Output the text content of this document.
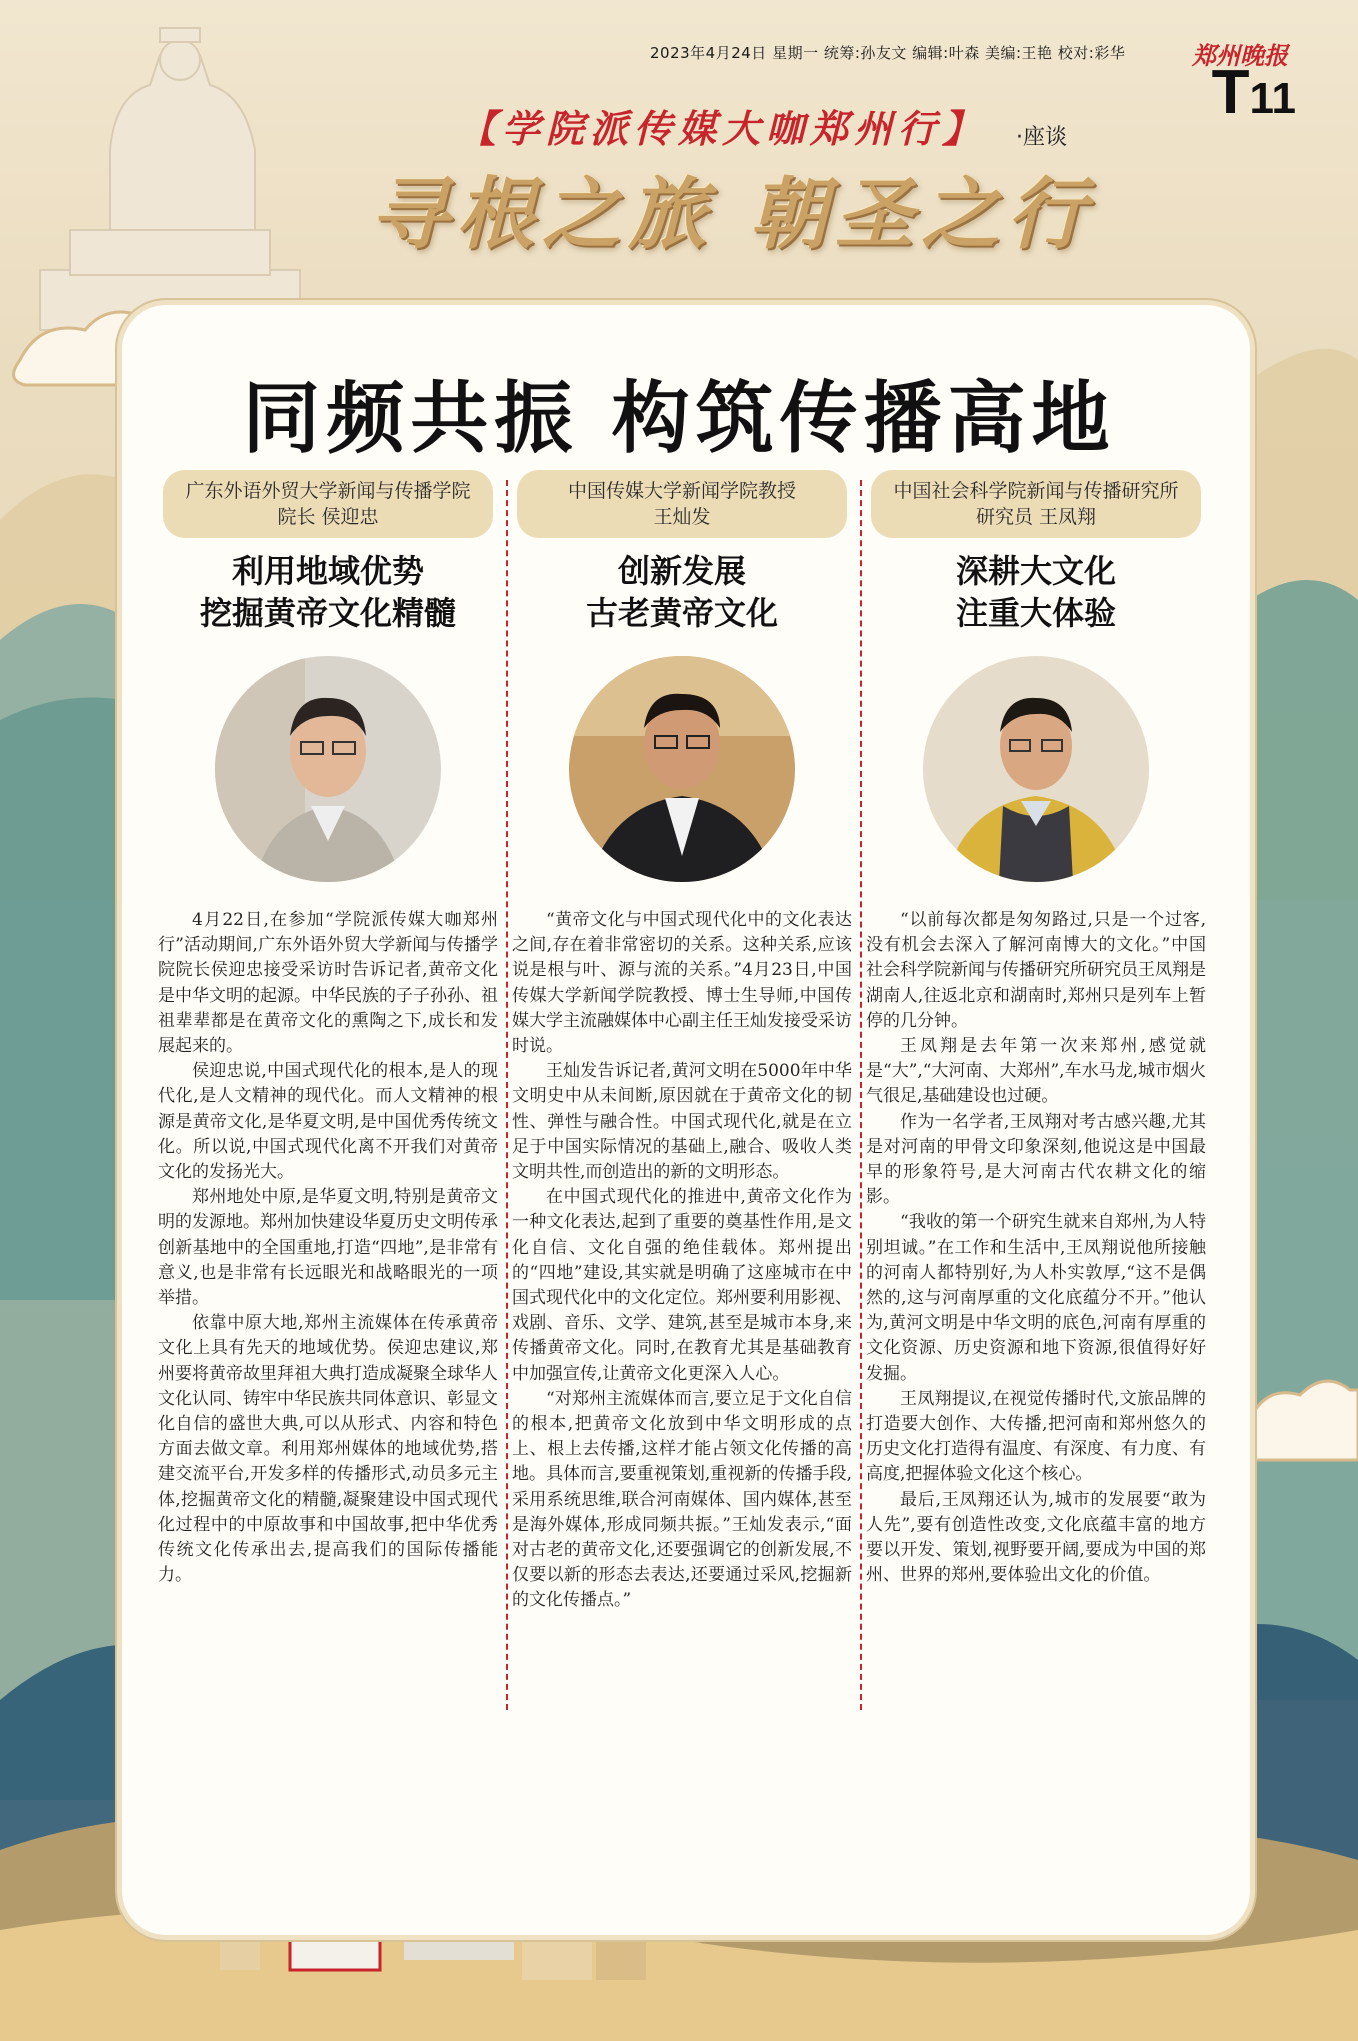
2023年4月24日 星期一 统筹:孙友文 编辑:叶森 美编:王艳 校对:彩华	郑州晚报
T11
【学院派传媒大咖郑州行】 ·座谈
寻根之旅 朝圣之行
同频共振 构筑传播高地
广东外语外贸大学新闻与传播学院
院长 侯迎忠
利用地域优势
挖掘黄帝文化精髓

4月22日,在参加“学院派传媒大咖郑州行”活动期间,广东外语外贸大学新闻与传播学院院长侯迎忠接受采访时告诉记者,黄帝文化是中华文明的起源。中华民族的子子孙孙、祖祖辈辈都是在黄帝文化的熏陶之下,成长和发展起来的。

侯迎忠说,中国式现代化的根本,是人的现代化,是人文精神的现代化。而人文精神的根源是黄帝文化,是华夏文明,是中国优秀传统文化。所以说,中国式现代化离不开我们对黄帝文化的发扬光大。

郑州地处中原,是华夏文明,特别是黄帝文明的发源地。郑州加快建设华夏历史文明传承创新基地中的全国重地,打造“四地”,是非常有意义,也是非常有长远眼光和战略眼光的一项举措。

依靠中原大地,郑州主流媒体在传承黄帝文化上具有先天的地域优势。侯迎忠建议,郑州要将黄帝故里拜祖大典打造成凝聚全球华人文化认同、铸牢中华民族共同体意识、彰显文化自信的盛世大典,可以从形式、内容和特色方面去做文章。利用郑州媒体的地域优势,搭建交流平台,开发多样的传播形式,动员多元主体,挖掘黄帝文化的精髓,凝聚建设中国式现代化过程中的中原故事和中国故事,把中华优秀传统文化传承出去,提高我们的国际传播能力。

中国传媒大学新闻学院教授
王灿发
创新发展
古老黄帝文化

“黄帝文化与中国式现代化中的文化表达之间,存在着非常密切的关系。这种关系,应该说是根与叶、源与流的关系。”4月23日,中国传媒大学新闻学院教授、博士生导师,中国传媒大学主流融媒体中心副主任王灿发接受采访时说。

王灿发告诉记者,黄河文明在5000年中华文明史中从未间断,原因就在于黄帝文化的韧性、弹性与融合性。中国式现代化,就是在立足于中国实际情况的基础上,融合、吸收人类文明共性,而创造出的新的文明形态。

在中国式现代化的推进中,黄帝文化作为一种文化表达,起到了重要的奠基性作用,是文化自信、文化自强的绝佳载体。郑州提出的“四地”建设,其实就是明确了这座城市在中国式现代化中的文化定位。郑州要利用影视、戏剧、音乐、文学、建筑,甚至是城市本身,来传播黄帝文化。同时,在教育尤其是基础教育中加强宣传,让黄帝文化更深入人心。

“对郑州主流媒体而言,要立足于文化自信的根本,把黄帝文化放到中华文明形成的点上、根上去传播,这样才能占领文化传播的高地。具体而言,要重视策划,重视新的传播手段,采用系统思维,联合河南媒体、国内媒体,甚至是海外媒体,形成同频共振。”王灿发表示,“面对古老的黄帝文化,还要强调它的创新发展,不仅要以新的形态去表达,还要通过采风,挖掘新的文化传播点。”

中国社会科学院新闻与传播研究所
研究员 王凤翔
深耕大文化
注重大体验

“以前每次都是匆匆路过,只是一个过客,没有机会去深入了解河南博大的文化。”中国社会科学院新闻与传播研究所研究员王凤翔是湖南人,往返北京和湖南时,郑州只是列车上暂停的几分钟。

王凤翔是去年第一次来郑州,感觉就是“大”,“大河南、大郑州”,车水马龙,城市烟火气很足,基础建设也过硬。

作为一名学者,王凤翔对考古感兴趣,尤其是对河南的甲骨文印象深刻,他说这是中国最早的形象符号,是大河南古代农耕文化的缩影。

“我收的第一个研究生就来自郑州,为人特别坦诚。”在工作和生活中,王凤翔说他所接触的河南人都特别好,为人朴实敦厚,“这不是偶然的,这与河南厚重的文化底蕴分不开。”他认为,黄河文明是中华文明的底色,河南有厚重的文化资源、历史资源和地下资源,很值得好好发掘。

王凤翔提议,在视觉传播时代,文旅品牌的打造要大创作、大传播,把河南和郑州悠久的历史文化打造得有温度、有深度、有力度、有高度,把握体验文化这个核心。

最后,王凤翔还认为,城市的发展要“敢为人先”,要有创造性改变,文化底蕴丰富的地方要以开发、策划,视野要开阔,要成为中国的郑州、世界的郑州,要体验出文化的价值。
